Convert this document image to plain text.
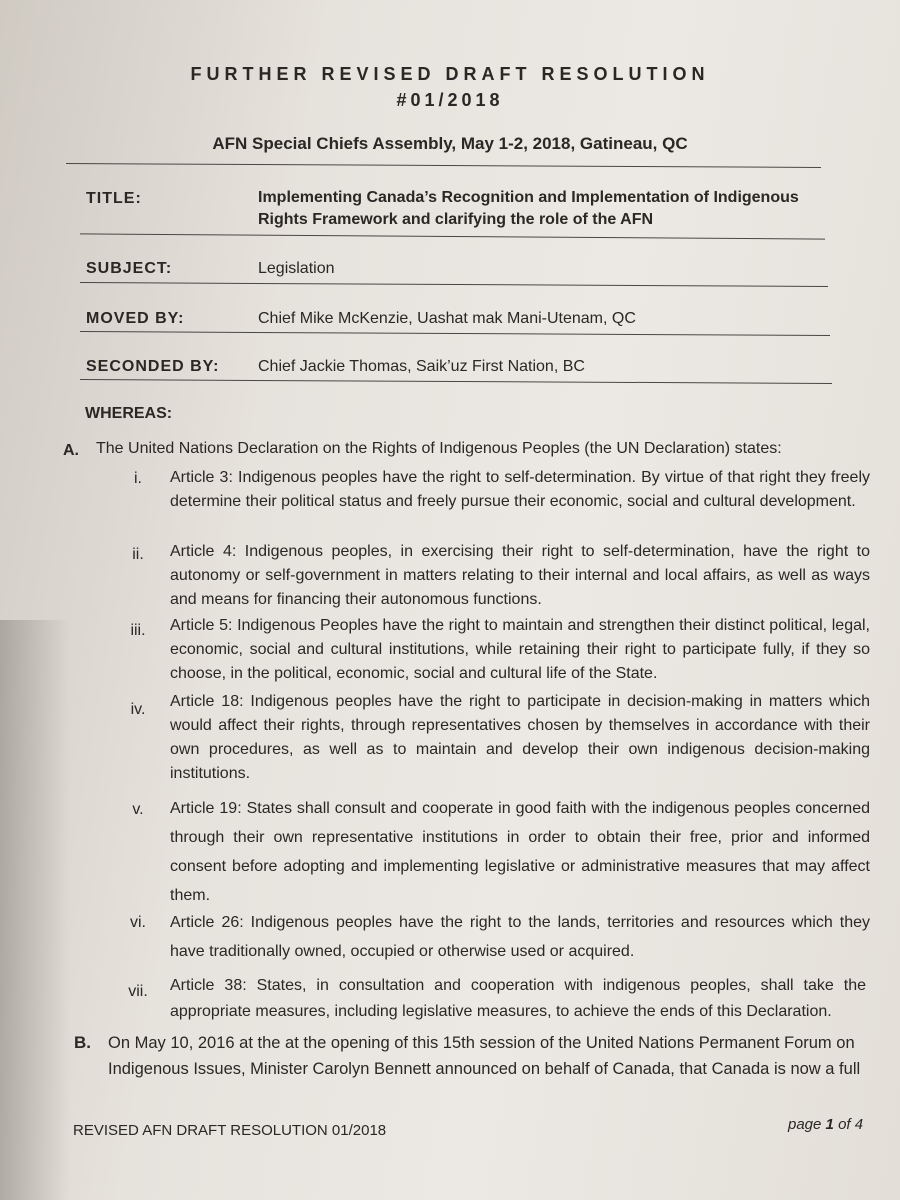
FURTHER REVISED DRAFT RESOLUTION
#01/2018
AFN Special Chiefs Assembly, May 1-2, 2018, Gatineau, QC
TITLE:	Implementing Canada’s Recognition and Implementation of Indigenous
Rights Framework and clarifying the role of the AFN
SUBJECT:	Legislation
MOVED BY:	Chief Mike McKenzie, Uashat mak Mani-Utenam, QC
SECONDED BY: Chief Jackie Thomas, Saik’uz First Nation, BC
WHEREAS:
A. The United Nations Declaration on the Rights of Indigenous Peoples (the UN Declaration) states:
i.	Article 3: Indigenous peoples have the right to self-determination. By virtue of that right they freely determine their political status and freely pursue their economic, social and cultural development.
ii.	Article 4: Indigenous peoples, in exercising their right to self-determination, have the right to autonomy or self-government in matters relating to their internal and local affairs, as well as ways and means for financing their autonomous functions.
iii.	Article 5: Indigenous Peoples have the right to maintain and strengthen their distinct political, legal, economic, social and cultural institutions, while retaining their right to participate fully, if they so choose, in the political, economic, social and cultural life of the State.
iv.	Article 18: Indigenous peoples have the right to participate in decision-making in matters which would affect their rights, through representatives chosen by themselves in accordance with their own procedures, as well as to maintain and develop their own indigenous decision-making institutions.
v.	Article 19: States shall consult and cooperate in good faith with the indigenous peoples concerned through their own representative institutions in order to obtain their free, prior and informed consent before adopting and implementing legislative or administrative measures that may affect them.
vi.	Article 26: Indigenous peoples have the right to the lands, territories and resources which they have traditionally owned, occupied or otherwise used or acquired.
vii.	Article 38: States, in consultation and cooperation with indigenous peoples, shall take the appropriate measures, including legislative measures, to achieve the ends of this Declaration.
B. On May 10, 2016 at the at the opening of this 15th session of the United Nations Permanent Forum on Indigenous Issues, Minister Carolyn Bennett announced on behalf of Canada, that Canada is now a full
REVISED AFN DRAFT RESOLUTION 01/2018	page 1 of 4
